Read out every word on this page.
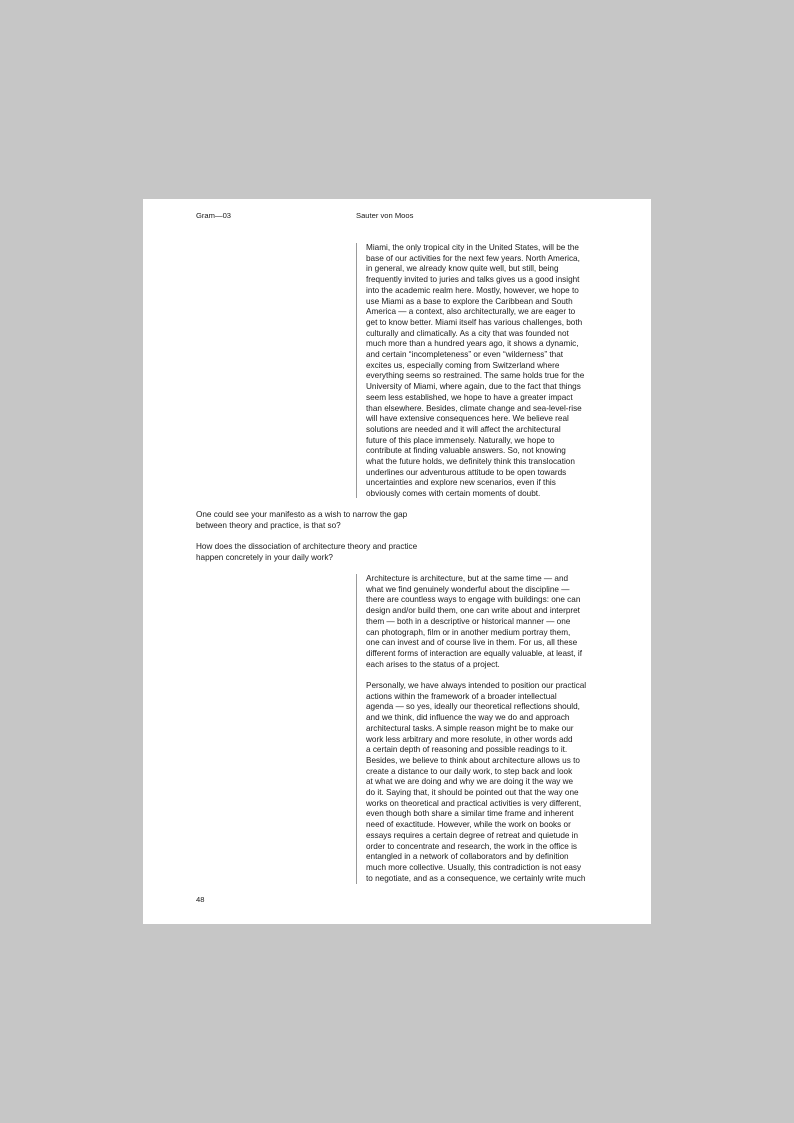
Gram—03	Sauter von Moos

Miami, the only tropical city in the United States, will be the

base of our activities for the next few years. North America,

in general, we already know quite well, but still, being

frequently invited to juries and talks gives us a good insight

into the academic realm here. Mostly, however, we hope to

use Miami as a base to explore the Caribbean and South

America — a context, also architecturally, we are eager to

get to know better. Miami itself has various challenges, both

culturally and climatically. As a city that was founded not

much more than a hundred years ago, it shows a dynamic,

and certain “incompleteness” or even “wilderness” that

excites us, especially coming from Switzerland where

everything seems so restrained. The same holds true for the

University of Miami, where again, due to the fact that things

seem less established, we hope to have a greater impact

than elsewhere. Besides, climate change and sea-level-rise

will have extensive consequences here. We believe real

solutions are needed and it will affect the architectural

future of this place immensely. Naturally, we hope to

contribute at finding valuable answers. So, not knowing

what the future holds, we definitely think this translocation

underlines our adventurous attitude to be open towards

uncertainties and explore new scenarios, even if this

obviously comes with certain moments of doubt.

One could see your manifesto as a wish to narrow the gap

between theory and practice, is that so?

How does the dissociation of architecture theory and practice

happen concretely in your daily work?

Architecture is architecture, but at the same time — and

what we find genuinely wonderful about the discipline —

there are countless ways to engage with buildings: one can

design and/or build them, one can write about and interpret

them — both in a descriptive or historical manner — one

can photograph, film or in another medium portray them,

one can invest and of course live in them. For us, all these

different forms of interaction are equally valuable, at least, if

each arises to the status of a project.

Personally, we have always intended to position our practical

actions within the framework of a broader intellectual

agenda — so yes, ideally our theoretical reflections should,

and we think, did influence the way we do and approach

architectural tasks. A simple reason might be to make our

work less arbitrary and more resolute, in other words add

a certain depth of reasoning and possible readings to it.

Besides, we believe to think about architecture allows us to

create a distance to our daily work, to step back and look

at what we are doing and why we are doing it the way we

do it. Saying that, it should be pointed out that the way one

works on theoretical and practical activities is very different,

even though both share a similar time frame and inherent

need of exactitude. However, while the work on books or

essays requires a certain degree of retreat and quietude in

order to concentrate and research, the work in the office is

entangled in a network of collaborators and by definition

much more collective. Usually, this contradiction is not easy

to negotiate, and as a consequence, we certainly write much

48
